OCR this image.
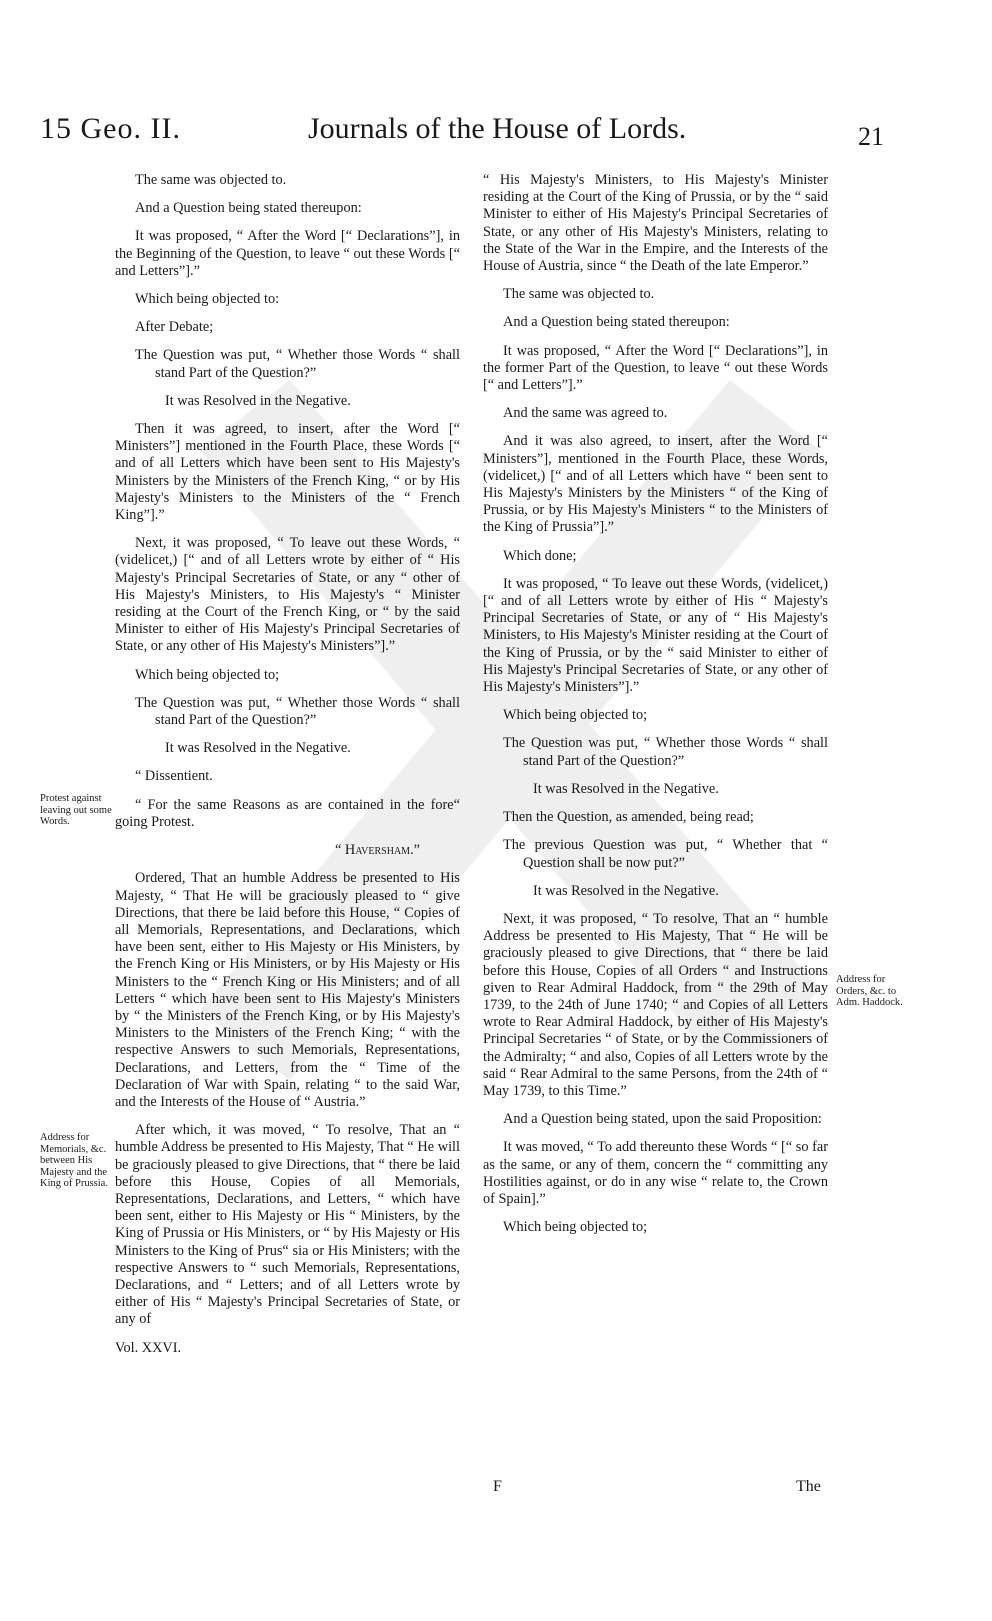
15 Geo. II.	Journals of the House of Lords.	21
Protest against leaving out some Words.
Address for Memorials, &c. between His Majesty and the King of Prussia.
Address for Orders, &c. to Adm. Haddock.

The same was objected to.

And a Question being stated thereupon:

It was proposed, “ After the Word [“ Declarations”], in the Beginning of the Question, to leave “ out these Words [“ and Letters”].”

Which being objected to:

After Debate;

The Question was put, “ Whether those Words “ shall stand Part of the Question?”

It was Resolved in the Negative.

Then it was agreed, to insert, after the Word [“ Ministers”] mentioned in the Fourth Place, these Words [“ and of all Letters which have been sent to His Majesty's Ministers by the Ministers of the French King, “ or by His Majesty's Ministers to the Ministers of the “ French King”].”

Next, it was proposed, “ To leave out these Words, “ (videlicet,) [“ and of all Letters wrote by either of “ His Majesty's Principal Secretaries of State, or any “ other of His Majesty's Ministers, to His Majesty's “ Minister residing at the Court of the French King, or “ by the said Minister to either of His Majesty's Principal Secretaries of State, or any other of His Majesty's Ministers”].”

Which being objected to;

The Question was put, “ Whether those Words “ shall stand Part of the Question?”

It was Resolved in the Negative.

“ Dissentient.

“ For the same Reasons as are contained in the fore“ going Protest.

“ Haversham.”

Ordered, That an humble Address be presented to His Majesty, “ That He will be graciously pleased to “ give Directions, that there be laid before this House, “ Copies of all Memorials, Representations, and Declarations, which have been sent, either to His Majesty or His Ministers, by the French King or His Ministers, or by His Majesty or His Ministers to the “ French King or His Ministers; and of all Letters “ which have been sent to His Majesty's Ministers by “ the Ministers of the French King, or by His Majesty's Ministers to the Ministers of the French King; “ with the respective Answers to such Memorials, Representations, Declarations, and Letters, from the “ Time of the Declaration of War with Spain, relating “ to the said War, and the Interests of the House of “ Austria.”

After which, it was moved, “ To resolve, That an “ humble Address be presented to His Majesty, That “ He will be graciously pleased to give Directions, that “ there be laid before this House, Copies of all Memorials, Representations, Declarations, and Letters, “ which have been sent, either to His Majesty or His “ Ministers, by the King of Prussia or His Ministers, or “ by His Majesty or His Ministers to the King of Prus“ sia or His Ministers; with the respective Answers to “ such Memorials, Representations, Declarations, and “ Letters; and of all Letters wrote by either of His “ Majesty's Principal Secretaries of State, or any of

Vol. XXVI.

“ His Majesty's Ministers, to His Majesty's Minister residing at the Court of the King of Prussia, or by the “ said Minister to either of His Majesty's Principal Secretaries of State, or any other of His Majesty's Ministers, relating to the State of the War in the Empire, and the Interests of the House of Austria, since “ the Death of the late Emperor.”

The same was objected to.

And a Question being stated thereupon:

It was proposed, “ After the Word [“ Declarations”], in the former Part of the Question, to leave “ out these Words [“ and Letters”].”

And the same was agreed to.

And it was also agreed, to insert, after the Word [“ Ministers”], mentioned in the Fourth Place, these Words, (videlicet,) [“ and of all Letters which have “ been sent to His Majesty's Ministers by the Ministers “ of the King of Prussia, or by His Majesty's Ministers “ to the Ministers of the King of Prussia”].”

Which done;

It was proposed, “ To leave out these Words, (videlicet,) [“ and of all Letters wrote by either of His “ Majesty's Principal Secretaries of State, or any of “ His Majesty's Ministers, to His Majesty's Minister residing at the Court of the King of Prussia, or by the “ said Minister to either of His Majesty's Principal Secretaries of State, or any other of His Majesty's Ministers”].”

Which being objected to;

The Question was put, “ Whether those Words “ shall stand Part of the Question?”

It was Resolved in the Negative.

Then the Question, as amended, being read;

The previous Question was put, “ Whether that “ Question shall be now put?”

It was Resolved in the Negative.

Next, it was proposed, “ To resolve, That an “ humble Address be presented to His Majesty, That “ He will be graciously pleased to give Directions, that “ there be laid before this House, Copies of all Orders “ and Instructions given to Rear Admiral Haddock, from “ the 29th of May 1739, to the 24th of June 1740; “ and Copies of all Letters wrote to Rear Admiral Haddock, by either of His Majesty's Principal Secretaries “ of State, or by the Commissioners of the Admiralty; “ and also, Copies of all Letters wrote by the said “ Rear Admiral to the same Persons, from the 24th of “ May 1739, to this Time.”

And a Question being stated, upon the said Proposition:

It was moved, “ To add thereunto these Words “ [“ so far as the same, or any of them, concern the “ committing any Hostilities against, or do in any wise “ relate to, the Crown of Spain].”

Which being objected to;

F	The
